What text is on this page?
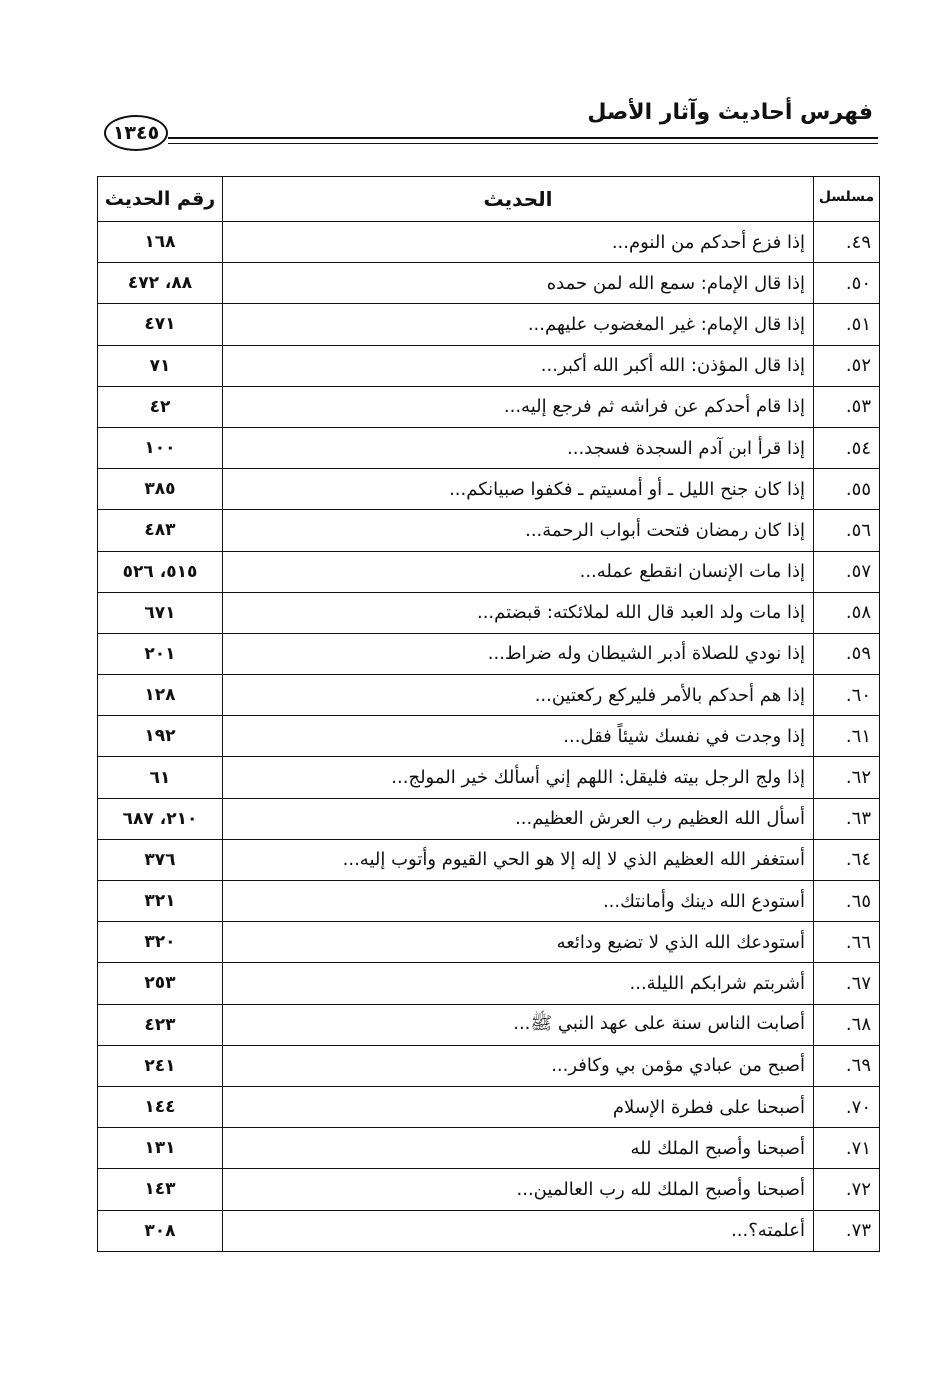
فهرس أحاديث وآثار الأصل
١٣٤٥
مسلسل	الحديث	رقم الحديث
٤٩.	إذا فزع أحدكم من النوم...	١٦٨
٥٠.	إذا قال الإمام: سمع الله لمن حمده	٨٨، ٤٧٢
٥١.	إذا قال الإمام: غير المغضوب عليهم...	٤٧١
٥٢.	إذا قال المؤذن: الله أكبر الله أكبر...	٧١
٥٣.	إذا قام أحدكم عن فراشه ثم فرجع إليه...	٤٢
٥٤.	إذا قرأ ابن آدم السجدة فسجد...	١٠٠
٥٥.	إذا كان جنح الليل ـ أو أمسيتم ـ فكفوا صبيانكم...	٣٨٥
٥٦.	إذا كان رمضان فتحت أبواب الرحمة...	٤٨٣
٥٧.	إذا مات الإنسان انقطع عمله...	٥١٥، ٥٢٦
٥٨.	إذا مات ولد العبد قال الله لملائكته: قبضتم...	٦٧١
٥٩.	إذا نودي للصلاة أدبر الشيطان وله ضراط...	٢٠١
٦٠.	إذا هم أحدكم بالأمر فليركع ركعتين...	١٢٨
٦١.	إذا وجدت في نفسك شيئاً فقل...	١٩٢
٦٢.	إذا ولج الرجل بيته فليقل: اللهم إني أسألك خير المولج...	٦١
٦٣.	أسأل الله العظيم رب العرش العظيم...	٢١٠، ٦٨٧
٦٤.	أستغفر الله العظيم الذي لا إله إلا هو الحي القيوم وأتوب إليه...	٣٧٦
٦٥.	أستودع الله دينك وأمانتك...	٣٢١
٦٦.	أستودعك الله الذي لا تضيع ودائعه	٣٢٠
٦٧.	أشربتم شرابكم الليلة...	٢٥٣
٦٨.	أصابت الناس سنة على عهد النبي ﷺ...	٤٢٣
٦٩.	أصبح من عبادي مؤمن بي وكافر...	٢٤١
٧٠.	أصبحنا على فطرة الإسلام	١٤٤
٧١.	أصبحنا وأصبح الملك لله	١٣١
٧٢.	أصبحنا وأصبح الملك لله رب العالمين...	١٤٣
٧٣.	أعلمته؟...	٣٠٨
